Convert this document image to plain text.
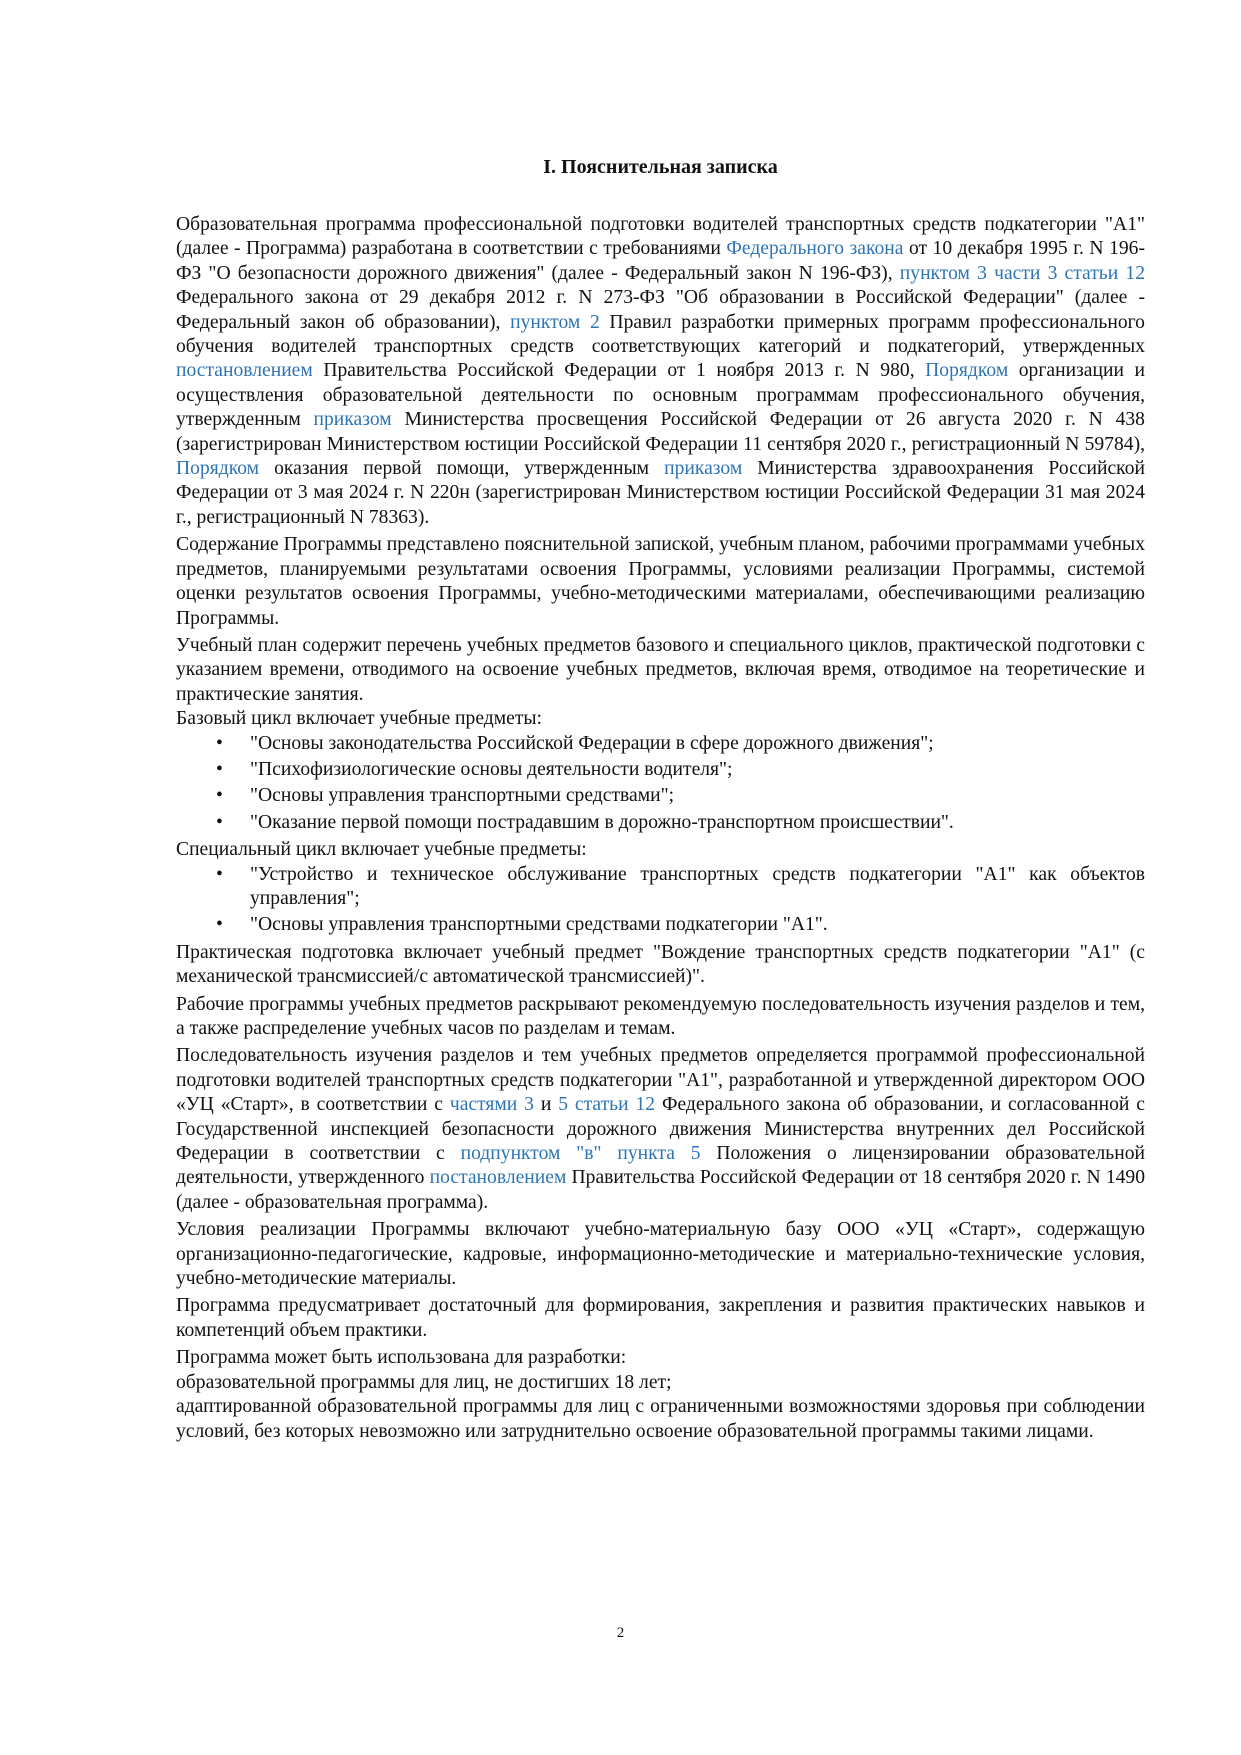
I. Пояснительная записка

Образовательная программа профессиональной подготовки водителей транспортных средств подкатегории "А1" (далее - Программа) разработана в соответствии с требованиями Федерального закона от 10 декабря 1995 г. N 196-ФЗ "О безопасности дорожного движения" (далее - Федеральный закон N 196-ФЗ), пунктом 3 части 3 статьи 12 Федерального закона от 29 декабря 2012 г. N 273-ФЗ "Об образовании в Российской Федерации" (далее - Федеральный закон об образовании), пунктом 2 Правил разработки примерных программ профессионального обучения водителей транспортных средств соответствующих категорий и подкатегорий, утвержденных постановлением Правительства Российской Федерации от 1 ноября 2013 г. N 980, Порядком организации и осуществления образовательной деятельности по основным программам профессионального обучения, утвержденным приказом Министерства просвещения Российской Федерации от 26 августа 2020 г. N 438 (зарегистрирован Министерством юстиции Российской Федерации 11 сентября 2020 г., регистрационный N 59784), Порядком оказания первой помощи, утвержденным приказом Министерства здравоохранения Российской Федерации от 3 мая 2024 г. N 220н (зарегистрирован Министерством юстиции Российской Федерации 31 мая 2024 г., регистрационный N 78363).

Содержание Программы представлено пояснительной запиской, учебным планом, рабочими программами учебных предметов, планируемыми результатами освоения Программы, условиями реализации Программы, системой оценки результатов освоения Программы, учебно-методическими материалами, обеспечивающими реализацию Программы.

Учебный план содержит перечень учебных предметов базового и специального циклов, практической подготовки с указанием времени, отводимого на освоение учебных предметов, включая время, отводимое на теоретические и практические занятия.

Базовый цикл включает учебные предметы:

• "Основы законодательства Российской Федерации в сфере дорожного движения";
• "Психофизиологические основы деятельности водителя";
• "Основы управления транспортными средствами";
• "Оказание первой помощи пострадавшим в дорожно-транспортном происшествии".

Специальный цикл включает учебные предметы:

• "Устройство и техническое обслуживание транспортных средств подкатегории "А1" как объектов управления";
• "Основы управления транспортными средствами подкатегории "А1".

Практическая подготовка включает учебный предмет "Вождение транспортных средств подкатегории "А1" (с механической трансмиссией/с автоматической трансмиссией)".

Рабочие программы учебных предметов раскрывают рекомендуемую последовательность изучения разделов и тем, а также распределение учебных часов по разделам и темам.

Последовательность изучения разделов и тем учебных предметов определяется программой профессиональной подготовки водителей транспортных средств подкатегории "А1", разработанной и утвержденной директором ООО «УЦ «Старт», в соответствии с частями 3 и 5 статьи 12 Федерального закона об образовании, и согласованной с Государственной инспекцией безопасности дорожного движения Министерства внутренних дел Российской Федерации в соответствии с подпунктом "в" пункта 5 Положения о лицензировании образовательной деятельности, утвержденного постановлением Правительства Российской Федерации от 18 сентября 2020 г. N 1490 (далее - образовательная программа).

Условия реализации Программы включают учебно-материальную базу ООО «УЦ «Старт», содержащую организационно-педагогические, кадровые, информационно-методические и материально-технические условия, учебно-методические материалы.

Программа предусматривает достаточный для формирования, закрепления и развития практических навыков и компетенций объем практики.

Программа может быть использована для разработки:

образовательной программы для лиц, не достигших 18 лет;

адаптированной образовательной программы для лиц с ограниченными возможностями здоровья при соблюдении условий, без которых невозможно или затруднительно освоение образовательной программы такими лицами.

2
